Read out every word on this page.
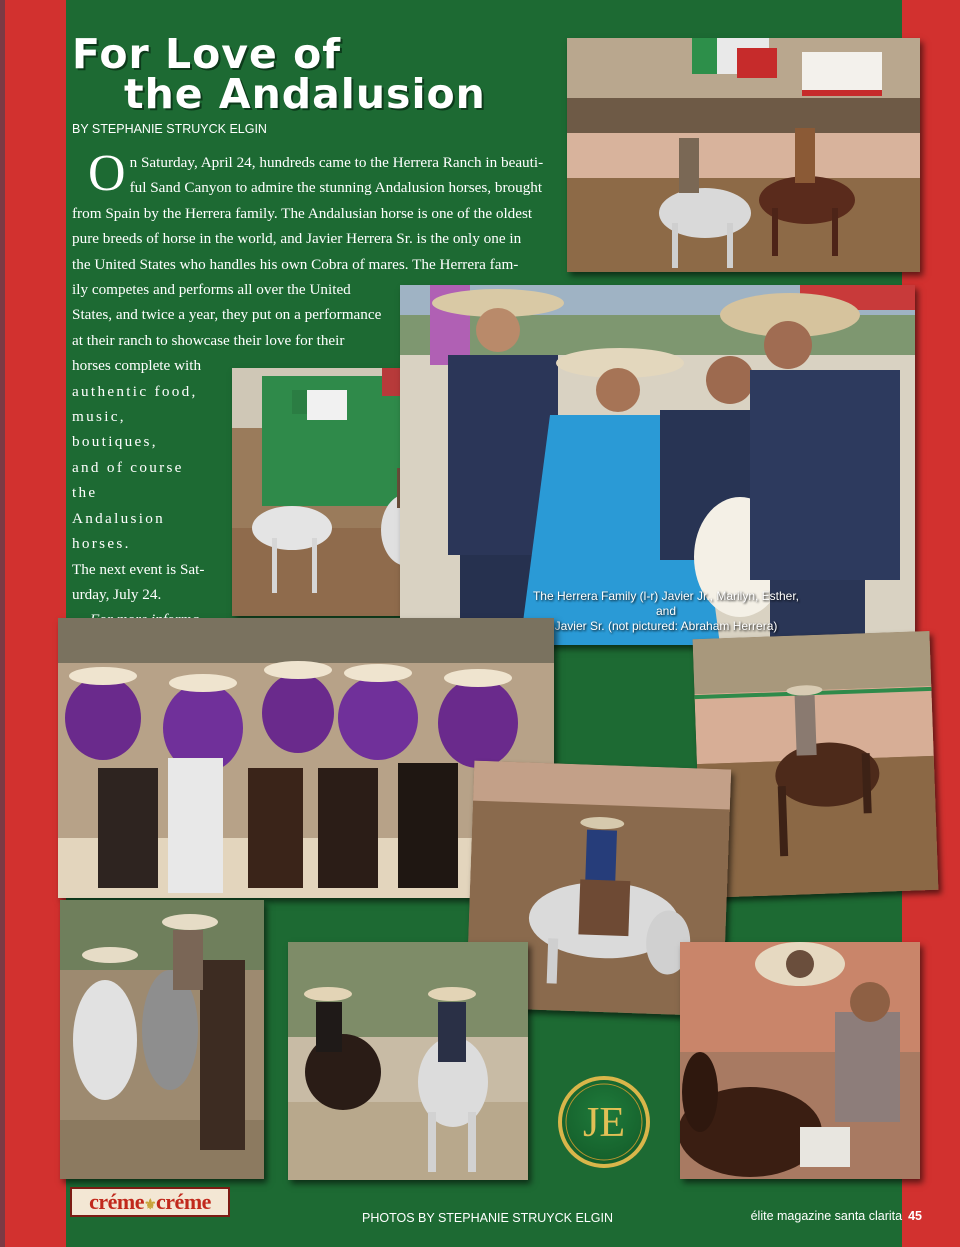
For Love of
the Andalusion
BY STEPHANIE STRUYCK ELGIN
O n Saturday, April 24, hundreds came to the Herrera Ranch in beauti-

ful Sand Canyon to admire the stunning Andalusion horses, brought

from Spain by the Herrera family. The Andalusian horse is one of the oldest

pure breeds of horse in the world, and Javier Herrera Sr. is the only one in

the United States who handles his own Cobra of mares. The Herrera fam-

ily competes and performs all over the United

States, and twice a year, they put on a performance

at their ranch to showcase their love for their

horses complete with

authentic food,

music, boutiques,

and of course the

Andalusion horses.

The next event is Sat-

urday, July 24.	The Herrera Family (l-r) Javier Jr., Marilyn, Esther, and
Javier Sr. (not pictured: Abraham Herrera)
JE
créme⚜créme
PHOTOS BY STEPHANIE STRUYCK ELGIN	élite magazine santa clarita 45
